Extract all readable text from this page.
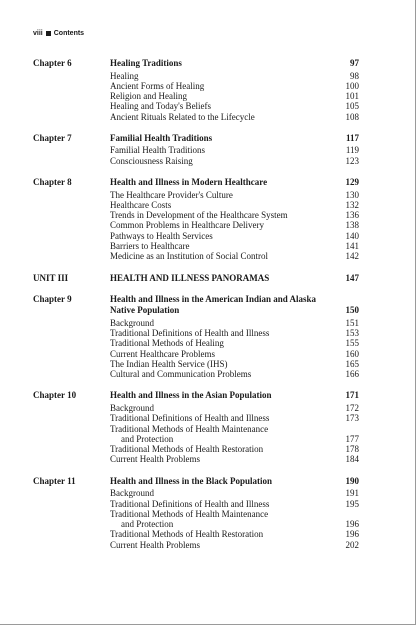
viii Contents
Chapter 6	Healing Traditions	97
Healing	98
Ancient Forms of Healing	100
Religion and Healing	101
Healing and Today's Beliefs	105
Ancient Rituals Related to the Lifecycle	108
Chapter 7	Familial Health Traditions	117
Familial Health Traditions	119
Consciousness Raising	123
Chapter 8	Health and Illness in Modern Healthcare	129
The Healthcare Provider's Culture	130
Healthcare Costs	132
Trends in Development of the Healthcare System	136
Common Problems in Healthcare Delivery	138
Pathways to Health Services	140
Barriers to Healthcare	141
Medicine as an Institution of Social Control	142
UNIT III	HEALTH AND ILLNESS PANORAMAS	147
Chapter 9	Health and Illness in the American Indian and Alaska Native Population	150
Background	151
Traditional Definitions of Health and Illness	153
Traditional Methods of Healing	155
Current Healthcare Problems	160
The Indian Health Service (IHS)	165
Cultural and Communication Problems	166
Chapter 10	Health and Illness in the Asian Population	171
Background	172
Traditional Definitions of Health and Illness	173
Traditional Methods of Health Maintenance
and Protection	177
Traditional Methods of Health Restoration	178
Current Health Problems	184
Chapter 11	Health and Illness in the Black Population	190
Background	191
Traditional Definitions of Health and Illness	195
Traditional Methods of Health Maintenance
and Protection	196
Traditional Methods of Health Restoration	196
Current Health Problems	202
